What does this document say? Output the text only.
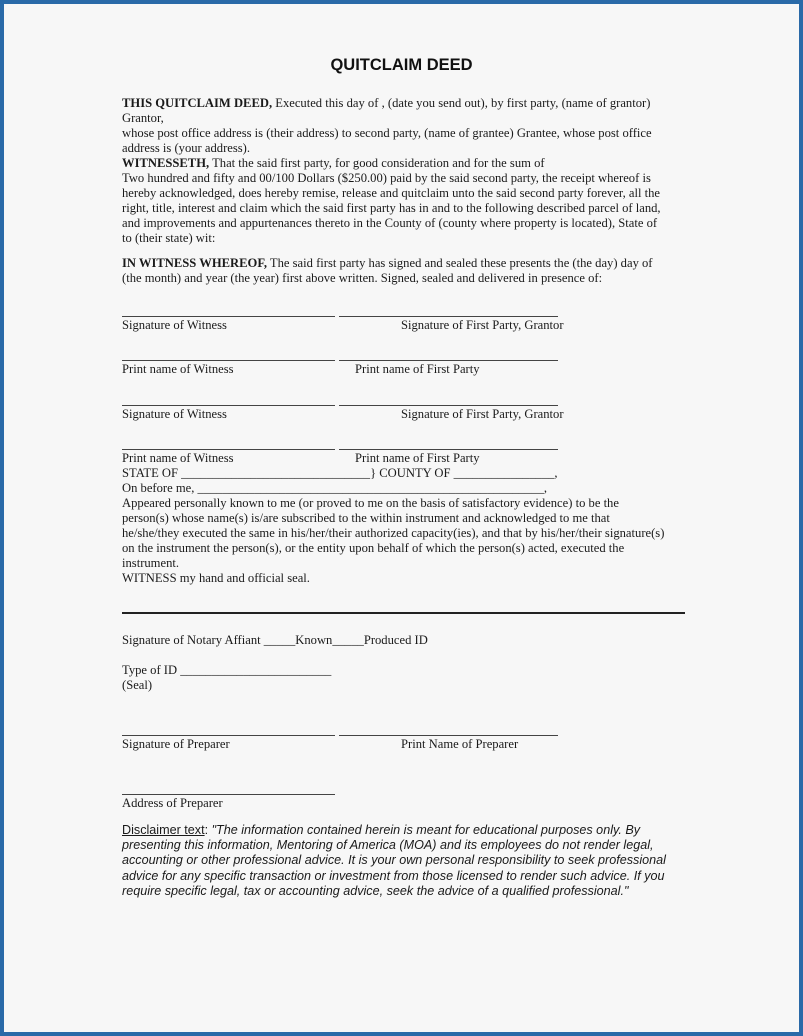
QUITCLAIM DEED

THIS QUITCLAIM DEED, Executed this day of , (date you send out), by first party, (name of grantor)

Grantor,

whose post office address is (their address) to second party, (name of grantee) Grantee, whose post office

address is (your address).

WITNESSETH, That the said first party, for good consideration and for the sum of

Two hundred and fifty and 00/100 Dollars ($250.00) paid by the said second party, the receipt whereof is

hereby acknowledged, does hereby remise, release and quitclaim unto the said second party forever, all the

right, title, interest and claim which the said first party has in and to the following described parcel of land,

and improvements and appurtenances thereto in the County of (county where property is located), State of

to (their state) wit:

IN WITNESS WHEREOF, The said first party has signed and sealed these presents the (the day) day of

(the month) and year (the year) first above written. Signed, sealed and delivered in presence of:

Signature of Witness	Signature of First Party, Grantor
Print name of Witness	Print name of First Party
Signature of Witness	Signature of First Party, Grantor
Print name of Witness	Print name of First Party

STATE OF ______________________________} COUNTY OF ________________,

On before me, _______________________________________________________,

Appeared personally known to me (or proved to me on the basis of satisfactory evidence) to be the

person(s) whose name(s) is/are subscribed to the within instrument and acknowledged to me that

he/she/they executed the same in his/her/their authorized capacity(ies), and that by his/her/their signature(s)

on the instrument the person(s), or the entity upon behalf of which the person(s) acted, executed the

instrument.

WITNESS my hand and official seal.

Signature of Notary Affiant _____Known_____Produced ID
Type of ID ________________________
(Seal)
Signature of Preparer	Print Name of Preparer
Address of Preparer
Disclaimer text: "The information contained herein is meant for educational purposes only. By presenting this information, Mentoring of America (MOA) and its employees do not render legal, accounting or other professional advice. It is your own personal responsibility to seek professional advice for any specific transaction or investment from those licensed to render such advice. If you require specific legal, tax or accounting advice, seek the advice of a qualified professional."
